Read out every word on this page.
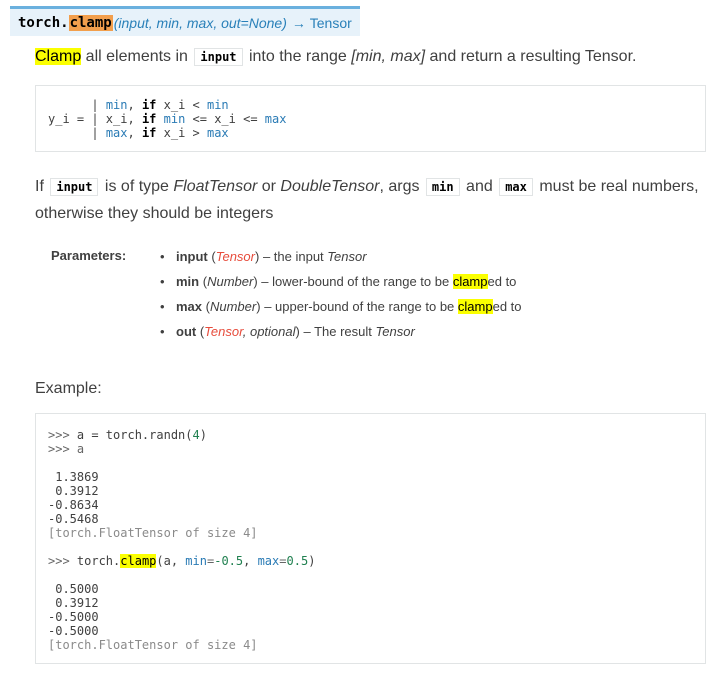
torch. clamp (input, min, max, out=None) →
Tensor
Clamp all elements in input into the range [min, max] and return a resulting Tensor.
| min, if x_i < min
y_i = | x_i, if min <= x_i <= max
| max, if x_i > max
If input is of type FloatTensor or DoubleTensor, args min and max must be real numbers,
otherwise they should be integers
Parameters:	• input (Tensor) – the input Tensor
• min (Number) – lower-bound of the range to be clamped to
• max (Number) – upper-bound of the range to be clamped to
• out (Tensor, optional) – The result Tensor
Example:
>>> a = torch.randn(4)
>>> a

1.3869
0.3912
-0.8634
-0.5468
[torch.FloatTensor of size 4]

>>> torch.clamp(a, min=-0.5, max=0.5)

0.5000
0.3912
-0.5000
-0.5000
[torch.FloatTensor of size 4]
